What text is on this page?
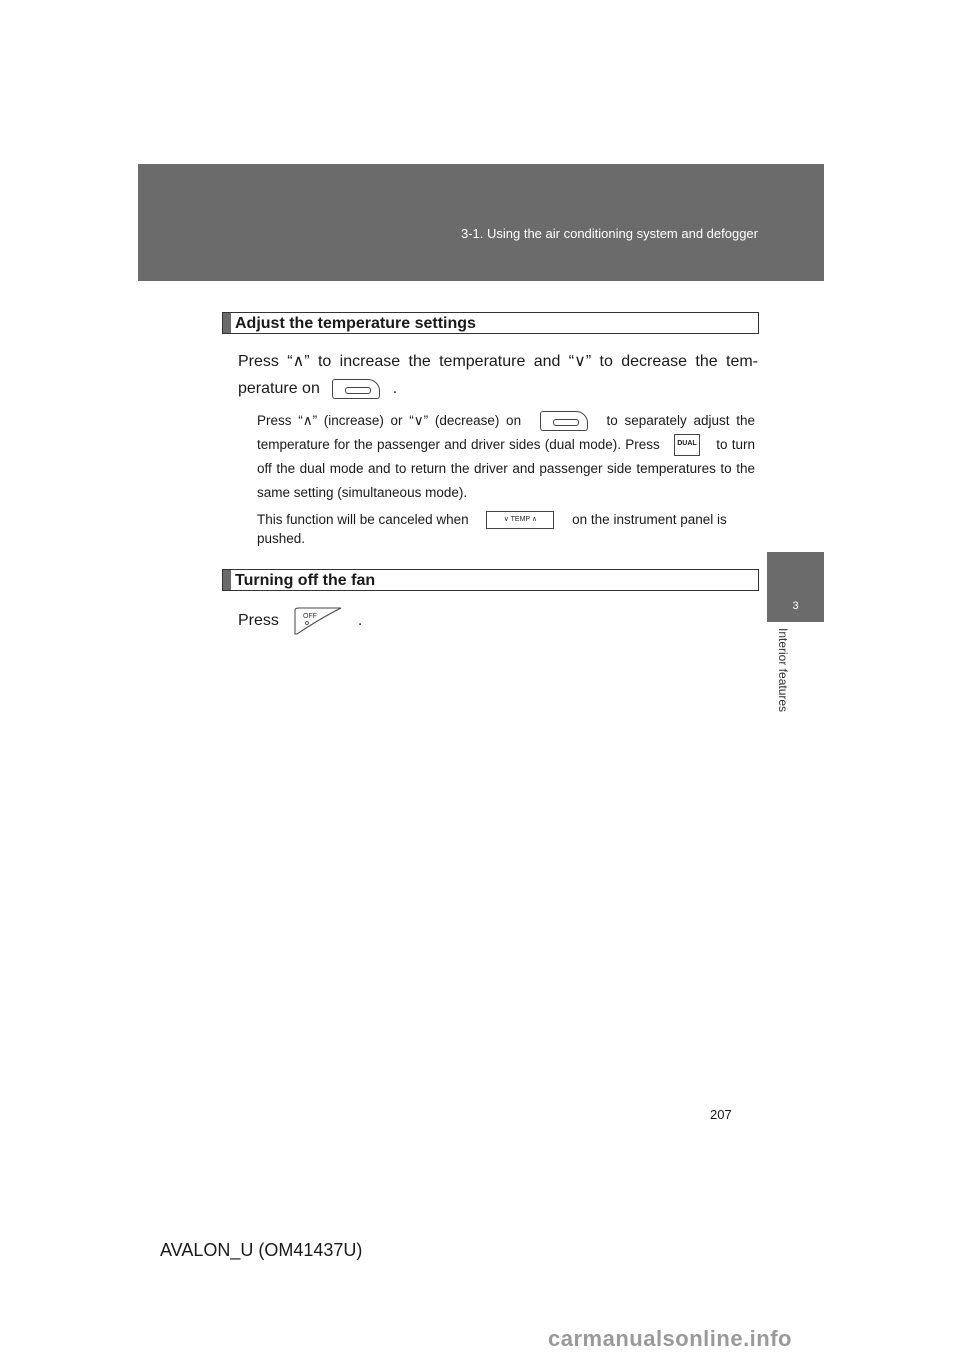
3-1. Using the air conditioning system and defogger
3
Interior features
Adjust the temperature settings
Press “∧” to increase the temperature and “∨” to decrease the tem-perature on	.
Press “∧” (increase) or “∨” (decrease) on	to separately adjust the temperature for the passenger and driver sides (dual mode). Press	DUAL to turn off the dual mode and to return the driver and passenger side temperatures to the same setting (simultaneous mode).
This function will be canceled when	∨ TEMP ∧	on the instrument panel is
pushed.
Turning off the fan
Press	OFF	.
207
AVALON_U (OM41437U)
carmanualsonline.info
